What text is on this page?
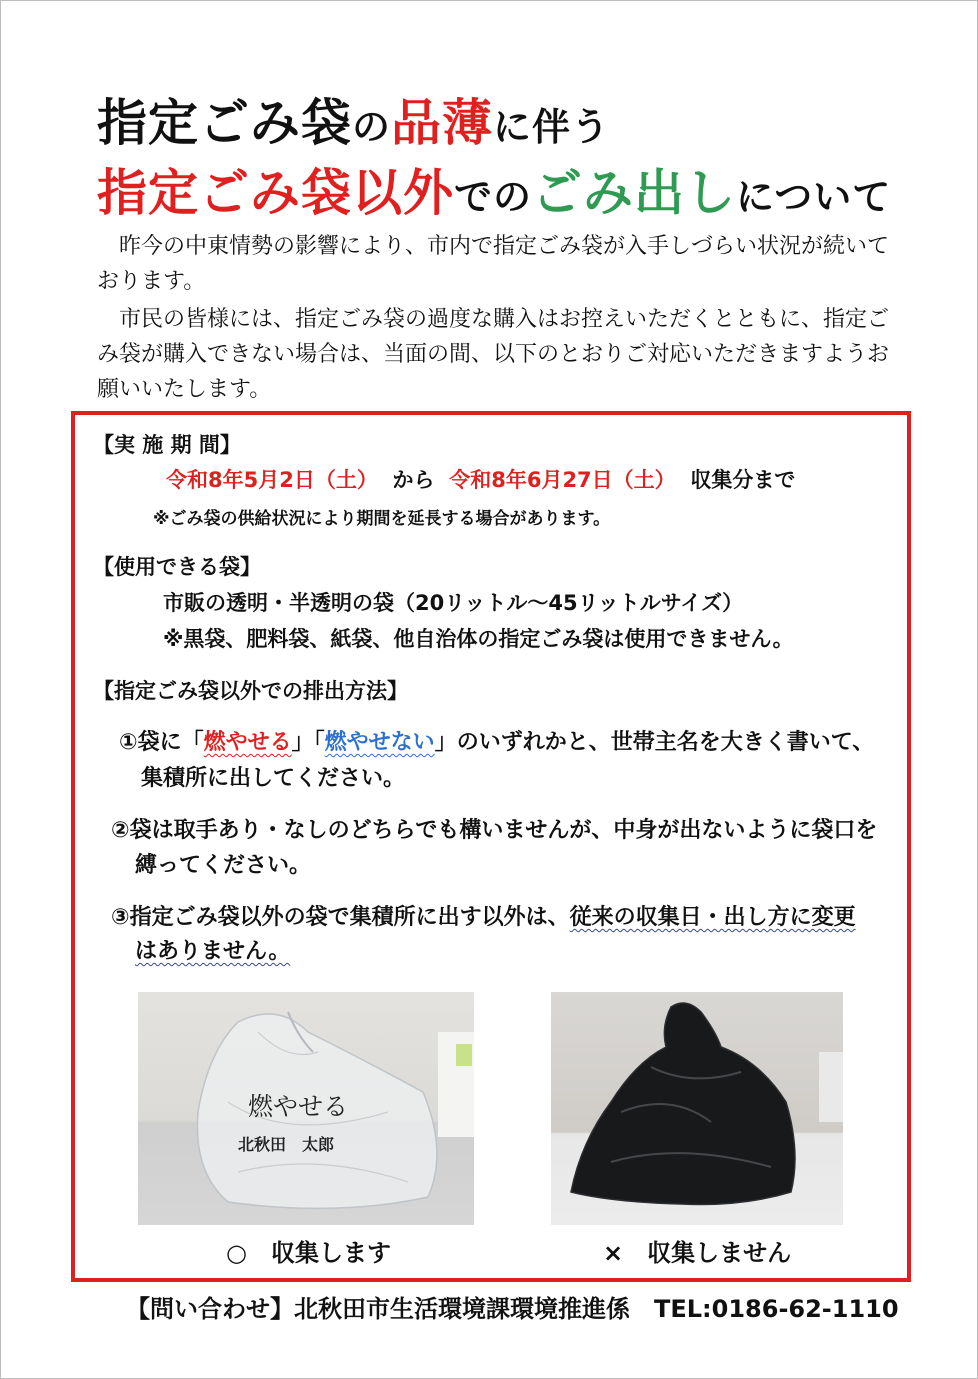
指定ごみ袋の品薄に伴う
指定ごみ袋以外でのごみ出しについて

昨今の中東情勢の影響により、市内で指定ごみ袋が入手しづらい状況が続いております。

市民の皆様には、指定ごみ袋の過度な購入はお控えいただくとともに、指定ごみ袋が購入できない場合は、当面の間、以下のとおりご対応いただきますようお願いいたします。

【実 施 期 間】
令和8年5月2日（土） から 令和8年6月27日（土） 収集分まで
※ごみ袋の供給状況により期間を延長する場合があります。
【使用できる袋】
市販の透明・半透明の袋（20リットル～45リットルサイズ）
※黒袋、肥料袋、紙袋、他自治体の指定ごみ袋は使用できません。
【指定ごみ袋以外での排出方法】
①袋に「燃やせる」「燃やせない」のいずれかと、世帯主名を大きく書いて、
集積所に出してください。
②袋は取手あり・なしのどちらでも構いませんが、中身が出ないように袋口を
縛ってください。
③指定ごみ袋以外の袋で集積所に出す以外は、従来の収集日・出し方に変更
はありません。
燃やせる
北秋田　太郎
○　収集します	×　収集しません
【問い合わせ】北秋田市生活環境課環境推進係　TEL:0186-62-1110
